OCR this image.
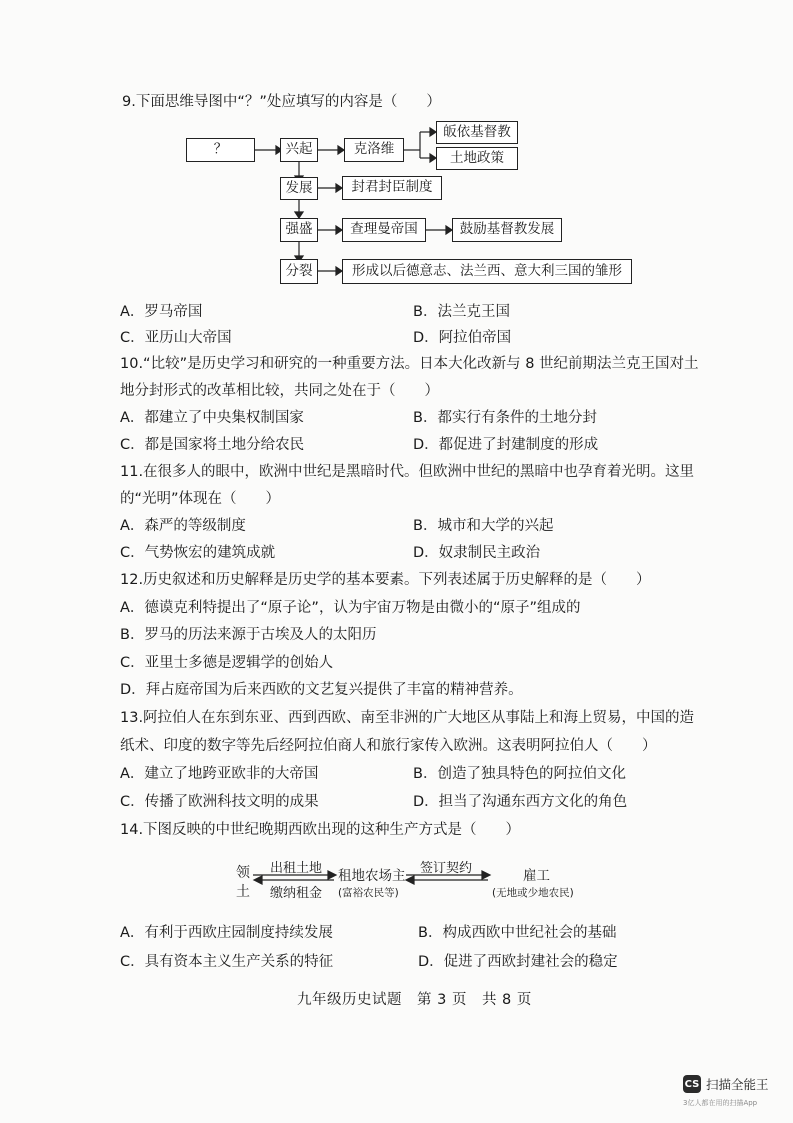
9.下面思维导图中“？”处应填写的内容是（　　）
？	兴起	克洛维
皈依基督教
土地政策
发展	封君封臣制度
强盛	查理曼帝国	鼓励基督教发展
分裂	形成以后德意志、法兰西、意大利三国的雏形
A．罗马帝国	B．法兰克王国
C．亚历山大帝国	D．阿拉伯帝国
10.“比较”是历史学习和研究的一种重要方法。日本大化改新与 8 世纪前期法兰克王国对土
地分封形式的改革相比较，共同之处在于（　　）
A．都建立了中央集权制国家	B．都实行有条件的土地分封
C．都是国家将土地分给农民	D．都促进了封建制度的形成
11.在很多人的眼中，欧洲中世纪是黑暗时代。但欧洲中世纪的黑暗中也孕育着光明。这里
的“光明”体现在（　　）
A．森严的等级制度	B．城市和大学的兴起
C．气势恢宏的建筑成就	D．奴隶制民主政治
12.历史叙述和历史解释是历史学的基本要素。下列表述属于历史解释的是（　　）
A．德谟克利特提出了“原子论”，认为宇宙万物是由微小的“原子”组成的
B．罗马的历法来源于古埃及人的太阳历
C．亚里士多德是逻辑学的创始人
D．拜占庭帝国为后来西欧的文艺复兴提供了丰富的精神营养。
13.阿拉伯人在东到东亚、西到西欧、南至非洲的广大地区从事陆上和海上贸易，中国的造
纸术、印度的数字等先后经阿拉伯商人和旅行家传入欧洲。这表明阿拉伯人（　　）
A．建立了地跨亚欧非的大帝国	B．创造了独具特色的阿拉伯文化
C．传播了欧洲科技文明的成果	D．担当了沟通东西方文化的角色
14.下图反映的中世纪晚期西欧出现的这种生产方式是（　　）
领
土
出租土地
缴纳租金
租地农场主
(富裕农民等)
签订契约	雇工
(无地或少地农民)
A．有利于西欧庄园制度持续发展	B．构成西欧中世纪社会的基础
C．具有资本主义生产关系的特征	D．促进了西欧封建社会的稳定
九年级历史试题　第 3 页　共 8 页
CS 扫描全能王
3亿人都在用的扫描App
